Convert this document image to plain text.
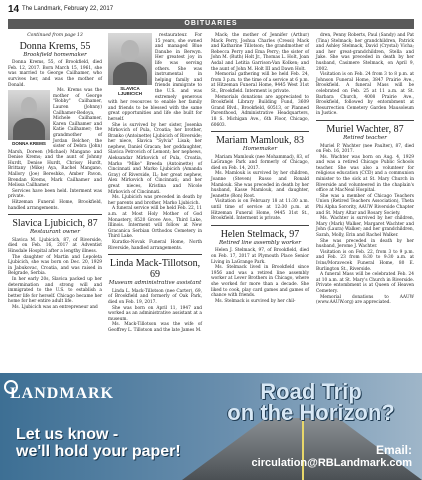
14 The Landmark, February 22, 2017
OBITUARIES
Continued from page 13
Donna Krems, 55
Brookfield homemaker

Donna Krems, 55, of Brookfield, died Feb. 12, 2017. Born March 15, 1961, she was married to George Cailhamer, who survives her, and was the mother of Donald.

DONNA KREMS

Ms. Krems was the mother of George "Bobby" Cailhamer, Lauren (Johnny) Cailhamer-Bedoya, Michele Cailhamer, Karen Cailhamer and Katie Cailhamer; the grandmother of Jordan Belcher; the sister of Debra (John) Marsh, Doreen (Michael) Mangano and Denise Krems; and the aunt of Johnny Hurdt, Denise Hurdt, Chrissy Hurdt, Brittany (Mike) Aya, Rachel Mangano, Mallory (Joe) Bereshko, Amber Pavon, Brendan Krems, Mark Cailhamer and Melissa Cailhamer.

Services have been held. Interment was private.

Hitzeman Funeral Home, Brookfield, handled arrangements.

Slavica Ljubicich, 87
Restaurant owner

Slavica M. Ljubicich, 87, of Riverside, died on Feb. 16, 2017 at Adventist Hinsdale Hospital after a lengthy illness.

The daughter of Martin and Lepoleta Ljubicich, she was born on Dec. 20, 1929 in Jabukovac, Croatia, and was raised in Belgrade, Serbia.

In her early 20s, Slavica packed up her determination and strong will and immigrated to the U.S. to establish a better life for herself. Chicago became her home for her entire adult life.

Ms. Ljubicich was an entrepreneur and

SLAVICA LJUBICICH

restaurateur. For 15 years, she owned and managed Blue Danube in Berwyn. Her greatest joy in life was serving others. She was instrumental in helping family and friends immigrate to the U.S. and was extremely generous with her resources to enable her family and friends to be blessed with the same great opportunities and life she built for herself.

She is survived by her sister, Josenka Mirkovich of Pula, Croatia; her brother, Branko (Antoinette) Ljubicich of Riverside; her niece, Slavica "Sylvia" Lisak; her nephew, Daniel Gracan; her goddaughter, Slavica Petrovich of Lemont; her nephews, Aleksandar Mirkovich of Pula, Croatia, Marko "Mike" Breeda (Antoinette) of Cincinnati and Marko Ljubicich (Amanda Gray) of Riverside, IL; her great nephew, Alex Mirkovich of Cincinnati; and her great nieces, Kristina and Nicole Mirkovich of Cincinnati.

Ms. Ljubicich was preceded in death by her parents and brother, Marko Ljubicich.

A funeral service will be held Feb. 22, 11 a.m. at Most Holy Mother of God Monastery, 8520 Grove Ave., Third Lake, Illinois. Interment will follow at New Gracanica Serbian Orthodox Cemetery in Third Lake.

Kuratko-Novak Funeral Home, North Riverside, handled arrangements.

Linda Mack-Tillotson, 69
Museum administrative assistant

Linda L. Mack-Tillotson (nee Carter), 69, of Brookfield and formerly of Oak Park, died on Feb. 19, 2017.

She was born on April 11, 1947 and worked as an administrative assistant at a museum.

Ms. Mack-Tillotson was the wife of Geoffrey L. Tillotson and the late James M.

Mack; the mother of Jennifer (Arthur) Mack Perry, Joshua Charles (Cressi) Mack and Katharine Tillotson; the grandmother of Rebecca Perry and Ema Perry; the sister of John M. (Ruth) Holt Jr., Thomas L. Holt, Joan Asdal and Letitia Garrison-Van Kolken; and the aunt of John M. Holt III and Dawn Holt.

Memorial gathering will be held Feb. 24, from 3 p.m. to the time of a service at 6 p.m. at Hitzeman Funeral Home, 9445 West 31st St., Brookfield. Interment is private.

Memorials donations are appreciated to Brookfield Library Building Fund, 3609 Grand Blvd., Brookfield, 60513, or Planned Parenthood, Administrative Headquarters, 18 S. Michigan Ave., 6th Floor, Chicago, 60603.

Mariam Mamlouk, 83
Homemaker

Mariam Mamlouk (nee Mohammad), 83, of LaGrange Park and formerly of Chicago, died on Feb. 14, 2017.

Ms. Mamlouk is survived by her children, Joanne (Steven) Russo and Ronald Mamlouk. She was preceded in death by her husband, Kasse Mamlouk, and daughter, Jeanette (Ron) Root.

Visitation is on February 18 at 11:30 a.m. until time of service at 12:30 p.m. at Hitzeman Funeral Home, 9445 31st St., Brookfield. Interment is private.

Helen Stelmack, 97
Retired line assembly worker

Helen J. Stelmack, 97, of Brookfield, died on Feb. 17, 2017 at Plymouth Place Senior Living in LaGrange Park.

Ms. Stelmack lived in Brookfield since 1956 and was a retired line assembly worker at Lever Brothers in Chicago, where she worked for more than a decade. She liked to cook, play card games and games of chance with friends.

Ms. Stelmack is survived by her chil-

dren, Penny Roberts, Paul (Sandy) and Pat (Tina) Stelmack; her grandchildren, Patrick and Ashley Stelmack, David (Crystal) Vicha; and her great-grandchildren, Stella and Jake. She was preceded in death by her husband, Casimere Stelmack, on April 9, 2002.

Visitation is on Feb. 24 from 3 to 8 p.m. at Johnson Funeral Home, 3847 Prairie Ave., Brookfield. A funeral Mass will be celebrated on Feb. 25 at 11 a.m. at St. Barbara Church, 4008 Prairie Ave., Brookfield, followed by entombment at Resurrection Cemetery Garden Mausoleum in Justice.

Muriel Wachter, 87
Retired teacher

Muriel P. Wachter (nee Paulter), 87, died on Feb. 16, 2017.

Ms. Wachter was born on Aug. 4, 1929 and was a retired Chicago Public Schools teacher. She was also a volunteer for religious education (CCD) and a communion minister to the sick at St. Mary Church in Riverside and volunteered in the chaplain's office at MacNeal Hospital.

She was a member of Chicago Teachers Union (Retired Teachers Association), Theta Phi Alpha Sorority, AAUW Riverside Chapter and St. Mary Altar and Rosary Society.

Ms. Wachter is survived by her children, Mary (Mark) Walker, Margaret Wachter and John (Laura) Walker; and her grandchildren, Sarah, Molly, Erin and Rachel Walker.

She was preceded in death by her husband, Jerome J. Wachter.

Visitation is on Feb. 22, from 3 to 9 p.m. and Feb. 23 from 8:30 to 9:30 a.m. at Ivins/Moravecek Funeral Home, 80 E. Burlington St., Riverside.

A funeral Mass will be celebrated Feb. 24 at 10 a.m. at St. Mary's Church in Riverside. Private entombment is at Queen of Heaven Cemetery.

Memorial donations to AAUW (www.AAUW.org) are appreciated.

LANDMARK	Road Trip
on the Horizon?
Let us know -
we'll hold your paper!	Email:
circulation@RBLandmark.com
